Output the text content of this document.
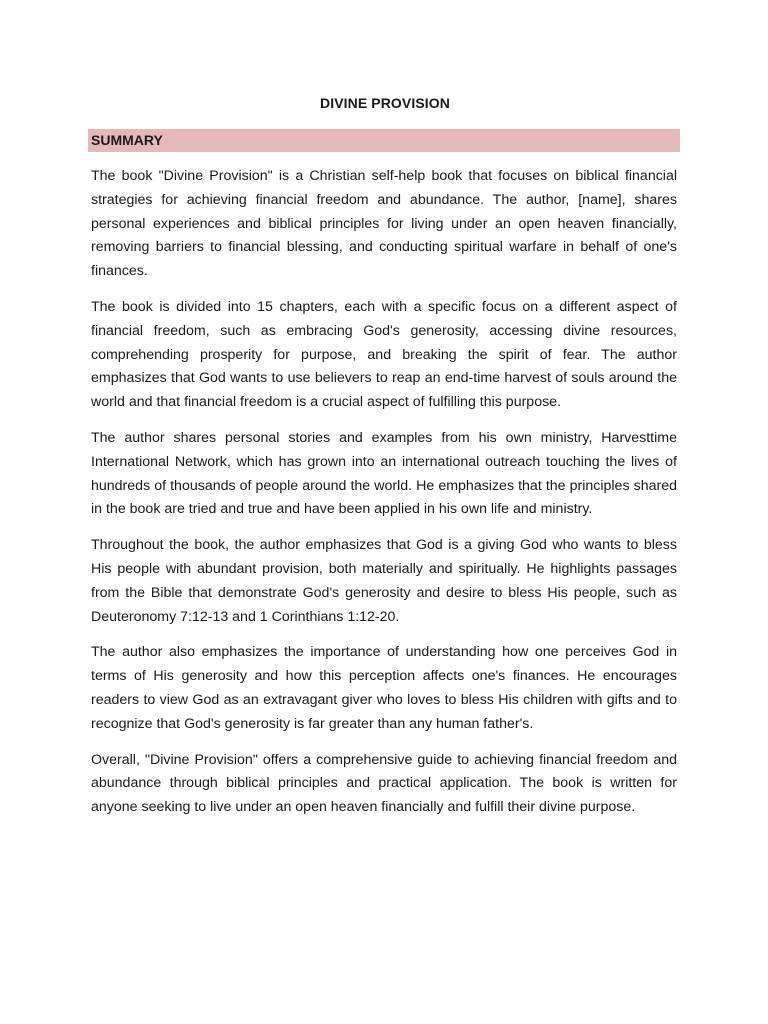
DIVINE PROVISION
SUMMARY

The book "Divine Provision" is a Christian self-help book that focuses on biblical financial strategies for achieving financial freedom and abundance. The author, [name], shares personal experiences and biblical principles for living under an open heaven financially, removing barriers to financial blessing, and conducting spiritual warfare in behalf of one's finances.

The book is divided into 15 chapters, each with a specific focus on a different aspect of financial freedom, such as embracing God's generosity, accessing divine resources, comprehending prosperity for purpose, and breaking the spirit of fear. The author emphasizes that God wants to use believers to reap an end-time harvest of souls around the world and that financial freedom is a crucial aspect of fulfilling this purpose.

The author shares personal stories and examples from his own ministry, Harvesttime International Network, which has grown into an international outreach touching the lives of hundreds of thousands of people around the world. He emphasizes that the principles shared in the book are tried and true and have been applied in his own life and ministry.

Throughout the book, the author emphasizes that God is a giving God who wants to bless His people with abundant provision, both materially and spiritually. He highlights passages from the Bible that demonstrate God's generosity and desire to bless His people, such as Deuteronomy 7:12-13 and 1 Corinthians 1:12-20.

The author also emphasizes the importance of understanding how one perceives God in terms of His generosity and how this perception affects one's finances. He encourages readers to view God as an extravagant giver who loves to bless His children with gifts and to recognize that God's generosity is far greater than any human father's.

Overall, "Divine Provision" offers a comprehensive guide to achieving financial freedom and abundance through biblical principles and practical application. The book is written for anyone seeking to live under an open heaven financially and fulfill their divine purpose.
